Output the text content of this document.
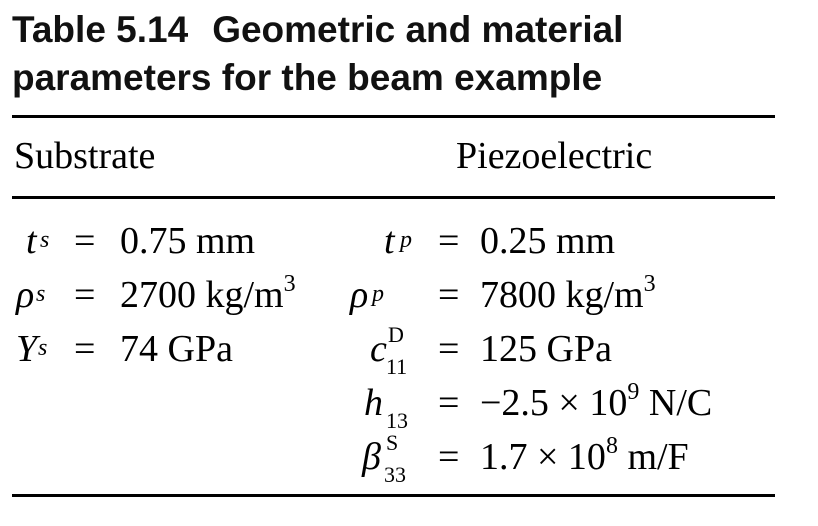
Table 5.14 Geometric and material parameters for the beam example
Substrate	Piezoelectric
t s = 0.75 mm
ρ s = 2700 $kg/m^3$
Y s = 74 GPa
t p = 0.25 mm
ρ p = 7800 $kg/m^3$
c D
11 = 125 GPa
h $13 = -2.5 \times 10^9$ N/C
β S
$33 = 1.7 \times 10^8$ m/F
